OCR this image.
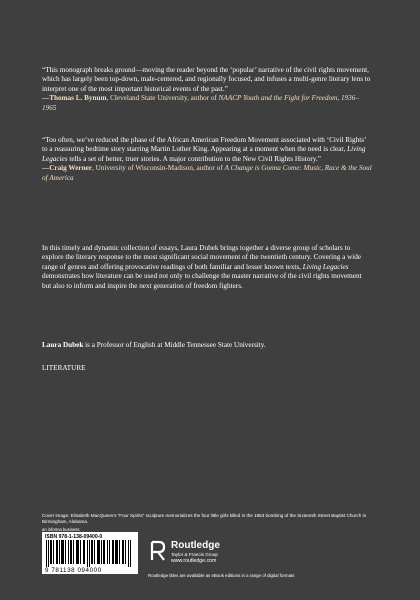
“This monograph breaks ground—moving the reader beyond the ‘popular’ narrative of the civil rights movement, which has largely been top-down, male-centered, and regionally focused, and infuses a multi-genre literary lens to interpret one of the most important historical events of the past.”
—Thomas L. Bynum, Cleveland State University, author of NAACP Youth and the Fight for Freedom, 1936–1965

“Too often, we’ve reduced the phase of the African American Freedom Movement associated with ‘Civil Rights’ to a reassuring bedtime story starring Martin Luther King. Appearing at a moment when the need is clear, Living Legacies tells a set of better, truer stories. A major contribution to the New Civil Rights History.”
—Craig Werner, University of Wisconsin-Madison, author of A Change is Gonna Come: Music, Race & the Soul of America

In this timely and dynamic collection of essays, Laura Dubek brings together a diverse group of scholars to explore the literary response to the most significant social movement of the twentieth century. Covering a wide range of genres and offering provocative readings of both familiar and lesser known texts, Living Legacies demonstrates how literature can be used not only to challenge the master narrative of the civil rights movement but also to inform and inspire the next generation of freedom fighters.

Laura Dubek is a Professor of English at Middle Tennessee State University.

LITERATURE
Cover image: Elisabeth MacQueen’s “Four Spirits” sculpture memorializes the four little girls killed in the 1963 bombing of the Sixteenth Street Baptist Church in Birmingham, Alabama.
an informa business
ISBN 978-1-138-09400-0
9 781138 094000
Routledge
Taylor & Francis Group
www.routledge.com
Routledge titles are available as eBook editions in a range of digital formats
